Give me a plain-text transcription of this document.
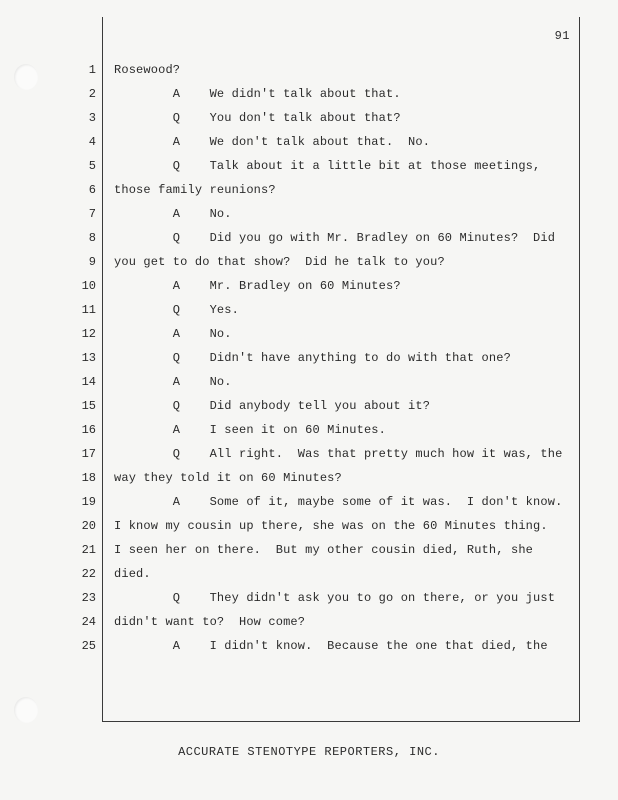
91
1 Rosewood?
2 A    We didn't talk about that.
3 Q    You don't talk about that?
4 A    We don't talk about that.  No.
5 Q    Talk about it a little bit at those meetings,
6 those family reunions?
7 A    No.
8 Q    Did you go with Mr. Bradley on 60 Minutes?  Did
9 you get to do that show?  Did he talk to you?
10 A    Mr. Bradley on 60 Minutes?
11 Q    Yes.
12 A    No.
13 Q    Didn't have anything to do with that one?
14 A    No.
15 Q    Did anybody tell you about it?
16 A    I seen it on 60 Minutes.
17 Q    All right.  Was that pretty much how it was, the
18 way they told it on 60 Minutes?
19 A    Some of it, maybe some of it was.  I don't know.
20 I know my cousin up there, she was on the 60 Minutes thing.
21 I seen her on there.  But my other cousin died, Ruth, she
22 died.
23 Q    They didn't ask you to go on there, or you just
24 didn't want to?  How come?
25 A    I didn't know.  Because the one that died, the
ACCURATE STENOTYPE REPORTERS, INC.
